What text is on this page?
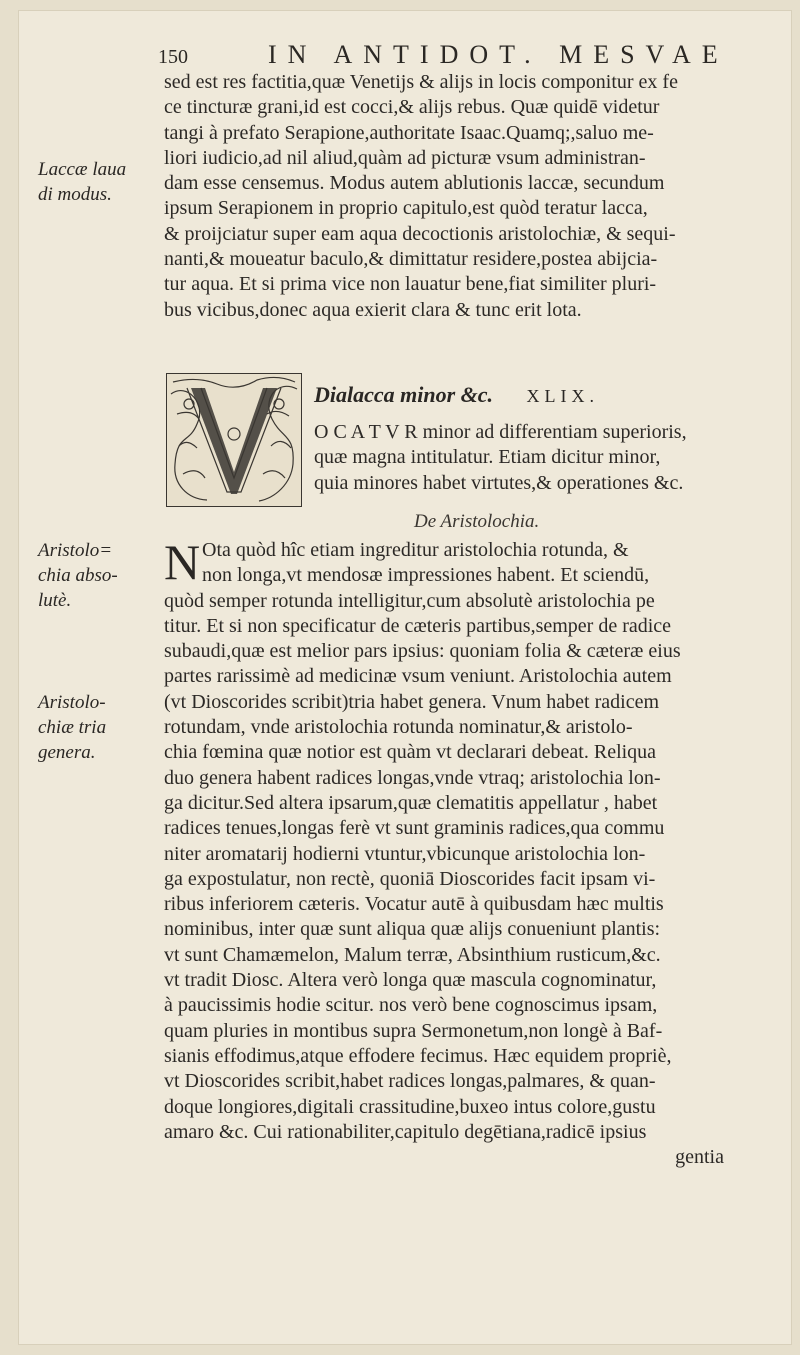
150	IN ANTIDOT. MESVAE
Laccæ laua
di modus.
Aristolo=
chia abso-
lutè.
Aristolo-
chiæ tria
genera.
sed est res factitia,quæ Venetijs & alijs in locis componitur ex fe
ce tincturæ grani,id est cocci,& alijs rebus. Quæ quidē videtur
tangi à prefato Serapione,authoritate Isaac.Quamq;,saluo me-
liori iudicio,ad nil aliud,quàm ad picturæ vsum administran-
dam esse censemus. Modus autem ablutionis laccæ, secundum
ipsum Serapionem in proprio capitulo,est quòd teratur lacca,
& proijciatur super eam aqua decoctionis aristolochiæ, & sequi-
nanti,& moueatur baculo,& dimittatur residere,postea abijcia-
tur aqua. Et si prima vice non lauatur bene,fiat similiter pluri-
bus vicibus,donec aqua exierit clara & tunc erit lota.
Dialacca minor &c. XLIX.
O C A T V R minor ad differentiam superioris,
quæ magna intitulatur. Etiam dicitur minor,
quia minores habet virtutes,& operationes &c.
De Aristolochia.
N Ota quòd hîc etiam ingreditur aristolochia rotunda, &
non longa,vt mendosæ impressiones habent. Et sciendū,
quòd semper rotunda intelligitur,cum absolutè aristolochia pe
titur. Et si non specificatur de cæteris partibus,semper de radice
subaudi,quæ est melior pars ipsius: quoniam folia & cæteræ eius
partes rarissimè ad medicinæ vsum veniunt. Aristolochia autem
(vt Dioscorides scribit)tria habet genera. Vnum habet radicem
rotundam, vnde aristolochia rotunda nominatur,& aristolo-
chia fœmina quæ notior est quàm vt declarari debeat. Reliqua
duo genera habent radices longas,vnde vtraq; aristolochia lon-
ga dicitur.Sed altera ipsarum,quæ clematitis appellatur , habet
radices tenues,longas ferè vt sunt graminis radices,qua commu
niter aromatarij hodierni vtuntur,vbicunque aristolochia lon-
ga expostulatur, non rectè, quoniā Dioscorides facit ipsam vi-
ribus inferiorem cæteris. Vocatur autē à quibusdam hæc multis
nominibus, inter quæ sunt aliqua quæ alijs conueniunt plantis:
vt sunt Chamæmelon, Malum terræ, Absinthium rusticum,&c.
vt tradit Diosc. Altera verò longa quæ mascula cognominatur,
à paucissimis hodie scitur. nos verò bene cognoscimus ipsam,
quam pluries in montibus supra Sermonetum,non longè à Baf-
sianis effodimus,atque effodere fecimus. Hæc equidem propriè,
vt Dioscorides scribit,habet radices longas,palmares, & quan-
doque longiores,digitali crassitudine,buxeo intus colore,gustu
amaro &c. Cui rationabiliter,capitulo degētiana,radicē ipsius
gentia
